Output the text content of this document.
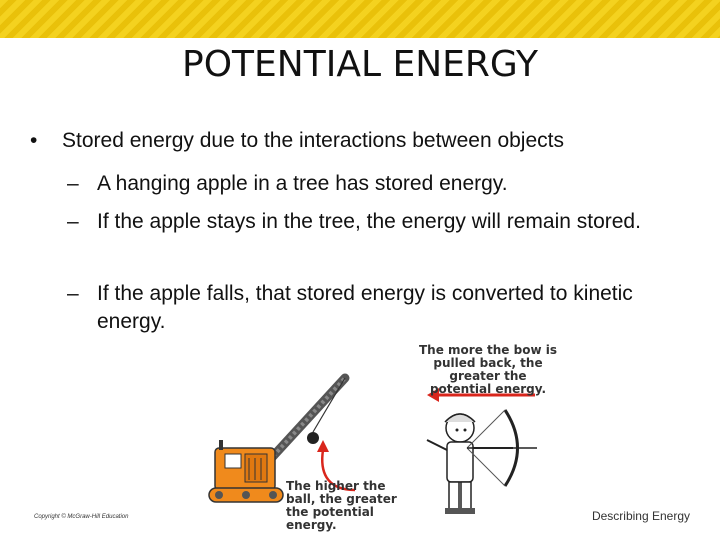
POTENTIAL ENERGY
• Stored energy due to the interactions between objects
– A hanging apple in a tree has stored energy.
– If the apple stays in the tree, the energy will remain stored.
– If the apple falls, that stored energy is converted to kinetic energy.
The higher the ball, the greater the potential energy.
The more the bow is pulled back, the greater the potential energy.
Copyright © McGraw-Hill Education	Describing Energy
